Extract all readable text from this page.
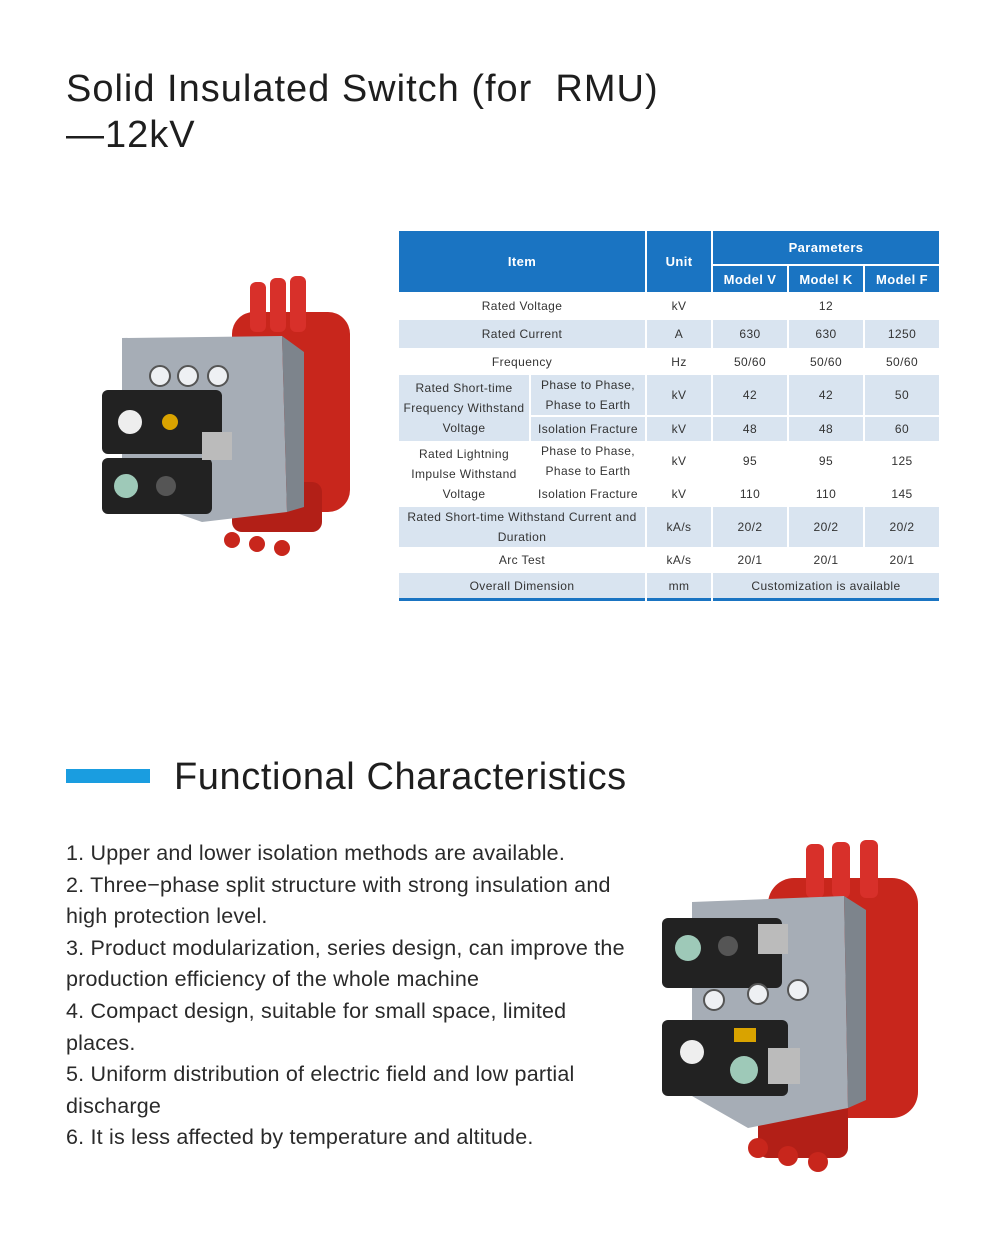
Solid Insulated Switch (for  RMU)
—12kV
Item		Unit	Parameters		
			Model V	Model K	Model F
Rated Voltage		kV	12		
Rated Current		A	630	630	1250
Frequency		Hz	50/60	50/60	50/60
Rated Short-time Frequency Withstand Voltage	Phase to Phase, Phase to Earth	kV	42	42	50
	Isolation Fracture	kV	48	48	60
Rated Lightning Impulse Withstand Voltage	Phase to Phase, Phase to Earth	kV	95	95	125
	Isolation Fracture	kV	110	110	145
Rated Short-time Withstand Current and Duration		kA/s	20/2	20/2	20/2
Arc Test		kA/s	20/1	20/1	20/1
Overall Dimension		mm	Customization is available		
Functional Characteristics
1. Upper and lower isolation methods are available.
2. Three−phase split structure with strong insulation and high protection level.
3. Product modularization, series design, can improve the production efficiency of the whole machine
4. Compact design, suitable for small space, limited places.
5. Uniform distribution of electric field and low partial discharge
6. It is less affected by temperature and altitude.
